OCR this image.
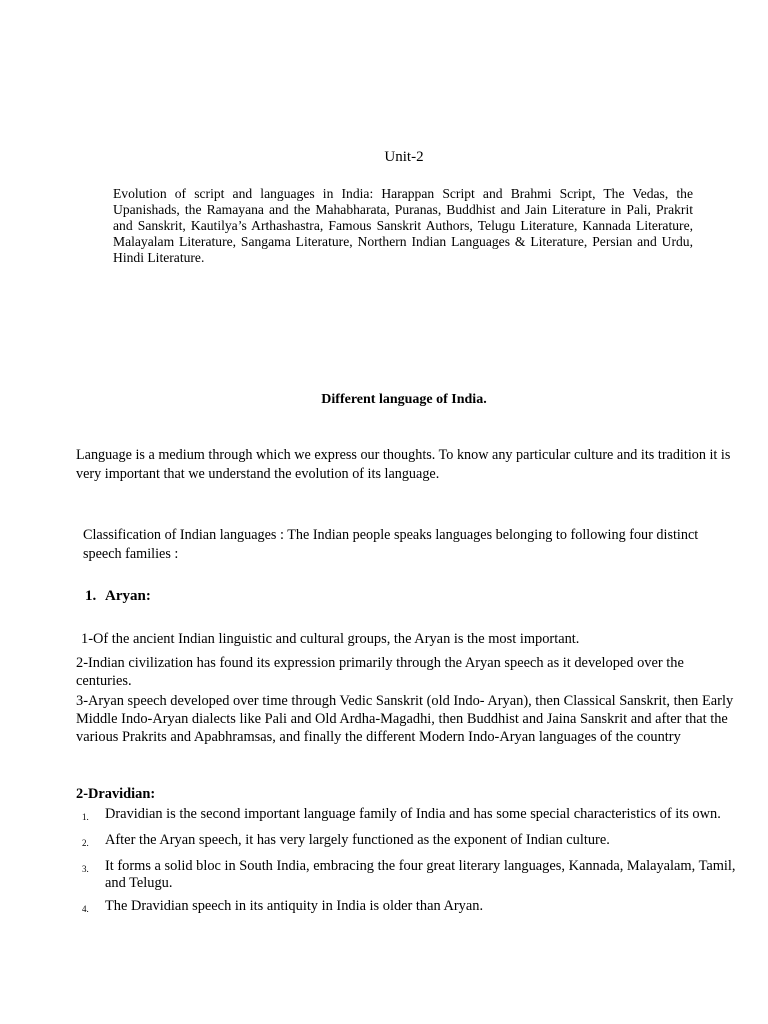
Unit-2
Evolution of script and languages in India: Harappan Script and Brahmi Script, The Vedas, the Upanishads, the Ramayana and the Mahabharata, Puranas, Buddhist and Jain Literature in Pali, Prakrit and Sanskrit, Kautilya’s Arthashastra, Famous Sanskrit Authors, Telugu Literature, Kannada Literature, Malayalam Literature, Sangama Literature, Northern Indian Languages & Literature, Persian and Urdu, Hindi Literature.
Different language of India.
Language is a medium through which we express our thoughts. To know any particular culture and its tradition it is very important that we understand the evolution of its language.
Classification of Indian languages : The Indian people speaks languages belonging to following four distinct speech families :
1. Aryan:
1-Of the ancient Indian linguistic and cultural groups, the Aryan is the most important.
2-Indian civilization has found its expression primarily through the Aryan speech as it developed over the centuries.
3-Aryan speech developed over time through Vedic Sanskrit (old Indo- Aryan), then Classical Sanskrit, then Early Middle Indo-Aryan dialects like Pali and Old Ardha-Magadhi, then Buddhist and Jaina Sanskrit and after that the various Prakrits and Apabhramsas, and finally the different Modern Indo-Aryan languages of the country
2-Dravidian:
1.	Dravidian is the second important language family of India and has some special characteristics of its own.
2.	After the Aryan speech, it has very largely functioned as the exponent of Indian culture.
3.	It forms a solid bloc in South India, embracing the four great literary languages, Kannada, Malayalam, Tamil, and Telugu.
4.	The Dravidian speech in its antiquity in India is older than Aryan.
